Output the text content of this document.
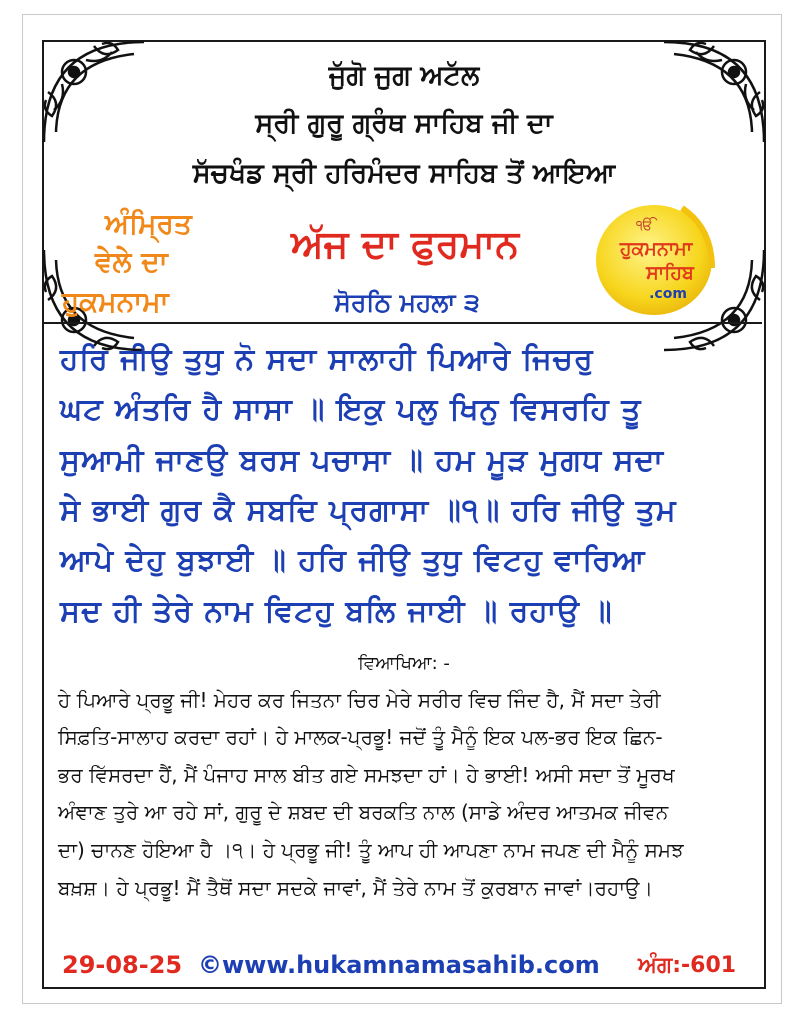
ਜੁੱਗੋ ਜੁਗ ਅਟੱਲ
ਸ੍ਰੀ ਗੁਰੂ ਗ੍ਰੰਥ ਸਾਹਿਬ ਜੀ ਦਾ
ਸੱਚਖੰਡ ਸ੍ਰੀ ਹਰਿਮੰਦਰ ਸਾਹਿਬ ਤੋਂ ਆਇਆ
ਅੰਮ੍ਰਿਤ
ਵੇਲੇ ਦਾ
ਹੁਕਮਨਾਮਾ
ਅੱਜ ਦਾ ਫੁਰਮਾਨ
ਸੋਰਠਿ ਮਹਲਾ ੩
ੴ
ਹੁਕਮਨਾਮਾ
ਸਾਹਿਬ
.com
ਹਰਿ ਜੀਉ ਤੁਧੁ ਨੋ ਸਦਾ ਸਾਲਾਹੀ ਪਿਆਰੇ ਜਿਚਰੁ
ਘਟ ਅੰਤਰਿ ਹੈ ਸਾਸਾ ॥ ਇਕੁ ਪਲੁ ਖਿਨੁ ਵਿਸਰਹਿ ਤੂ
ਸੁਆਮੀ ਜਾਣਉ ਬਰਸ ਪਚਾਸਾ ॥ ਹਮ ਮੂੜ ਮੁਗਧ ਸਦਾ
ਸੇ ਭਾਈ ਗੁਰ ਕੈ ਸਬਦਿ ਪ੍ਰਗਾਸਾ ॥੧॥ ਹਰਿ ਜੀਉ ਤੁਮ
ਆਪੇ ਦੇਹੁ ਬੁਝਾਈ ॥ ਹਰਿ ਜੀਉ ਤੁਧੁ ਵਿਟਹੁ ਵਾਰਿਆ
ਸਦ ਹੀ ਤੇਰੇ ਨਾਮ ਵਿਟਹੁ ਬਲਿ ਜਾਈ ॥ ਰਹਾਉ ॥
ਵਿਆਖਿਆ: -
ਹੇ ਪਿਆਰੇ ਪ੍ਰਭੂ ਜੀ! ਮੇਹਰ ਕਰ ਜਿਤਨਾ ਚਿਰ ਮੇਰੇ ਸਰੀਰ ਵਿਚ ਜਿੰਦ ਹੈ, ਮੈਂ ਸਦਾ ਤੇਰੀ
ਸਿਫ਼ਤਿ-ਸਾਲਾਹ ਕਰਦਾ ਰਹਾਂ। ਹੇ ਮਾਲਕ-ਪ੍ਰਭੂ! ਜਦੋਂ ਤੂੰ ਮੈਨੂੰ ਇਕ ਪਲ-ਭਰ ਇਕ ਛਿਨ-
ਭਰ ਵਿੱਸਰਦਾ ਹੈਂ, ਮੈਂ ਪੰਜਾਹ ਸਾਲ ਬੀਤ ਗਏ ਸਮਝਦਾ ਹਾਂ। ਹੇ ਭਾਈ! ਅਸੀ ਸਦਾ ਤੋਂ ਮੂਰਖ
ਅੰਞਾਣ ਤੁਰੇ ਆ ਰਹੇ ਸਾਂ, ਗੁਰੂ ਦੇ ਸ਼ਬਦ ਦੀ ਬਰਕਤਿ ਨਾਲ (ਸਾਡੇ ਅੰਦਰ ਆਤਮਕ ਜੀਵਨ
ਦਾ) ਚਾਨਣ ਹੋਇਆ ਹੈ ।੧। ਹੇ ਪ੍ਰਭੂ ਜੀ! ਤੂੰ ਆਪ ਹੀ ਆਪਣਾ ਨਾਮ ਜਪਣ ਦੀ ਮੈਨੂੰ ਸਮਝ
ਬਖ਼ਸ਼। ਹੇ ਪ੍ਰਭੂ! ਮੈਂ ਤੈਥੋਂ ਸਦਾ ਸਦਕੇ ਜਾਵਾਂ, ਮੈਂ ਤੇਰੇ ਨਾਮ ਤੋਂ ਕੁਰਬਾਨ ਜਾਵਾਂ।ਰਹਾਉ।
29-08-25 ©www.hukamnamasahib.com ਅੰਗ:-601
